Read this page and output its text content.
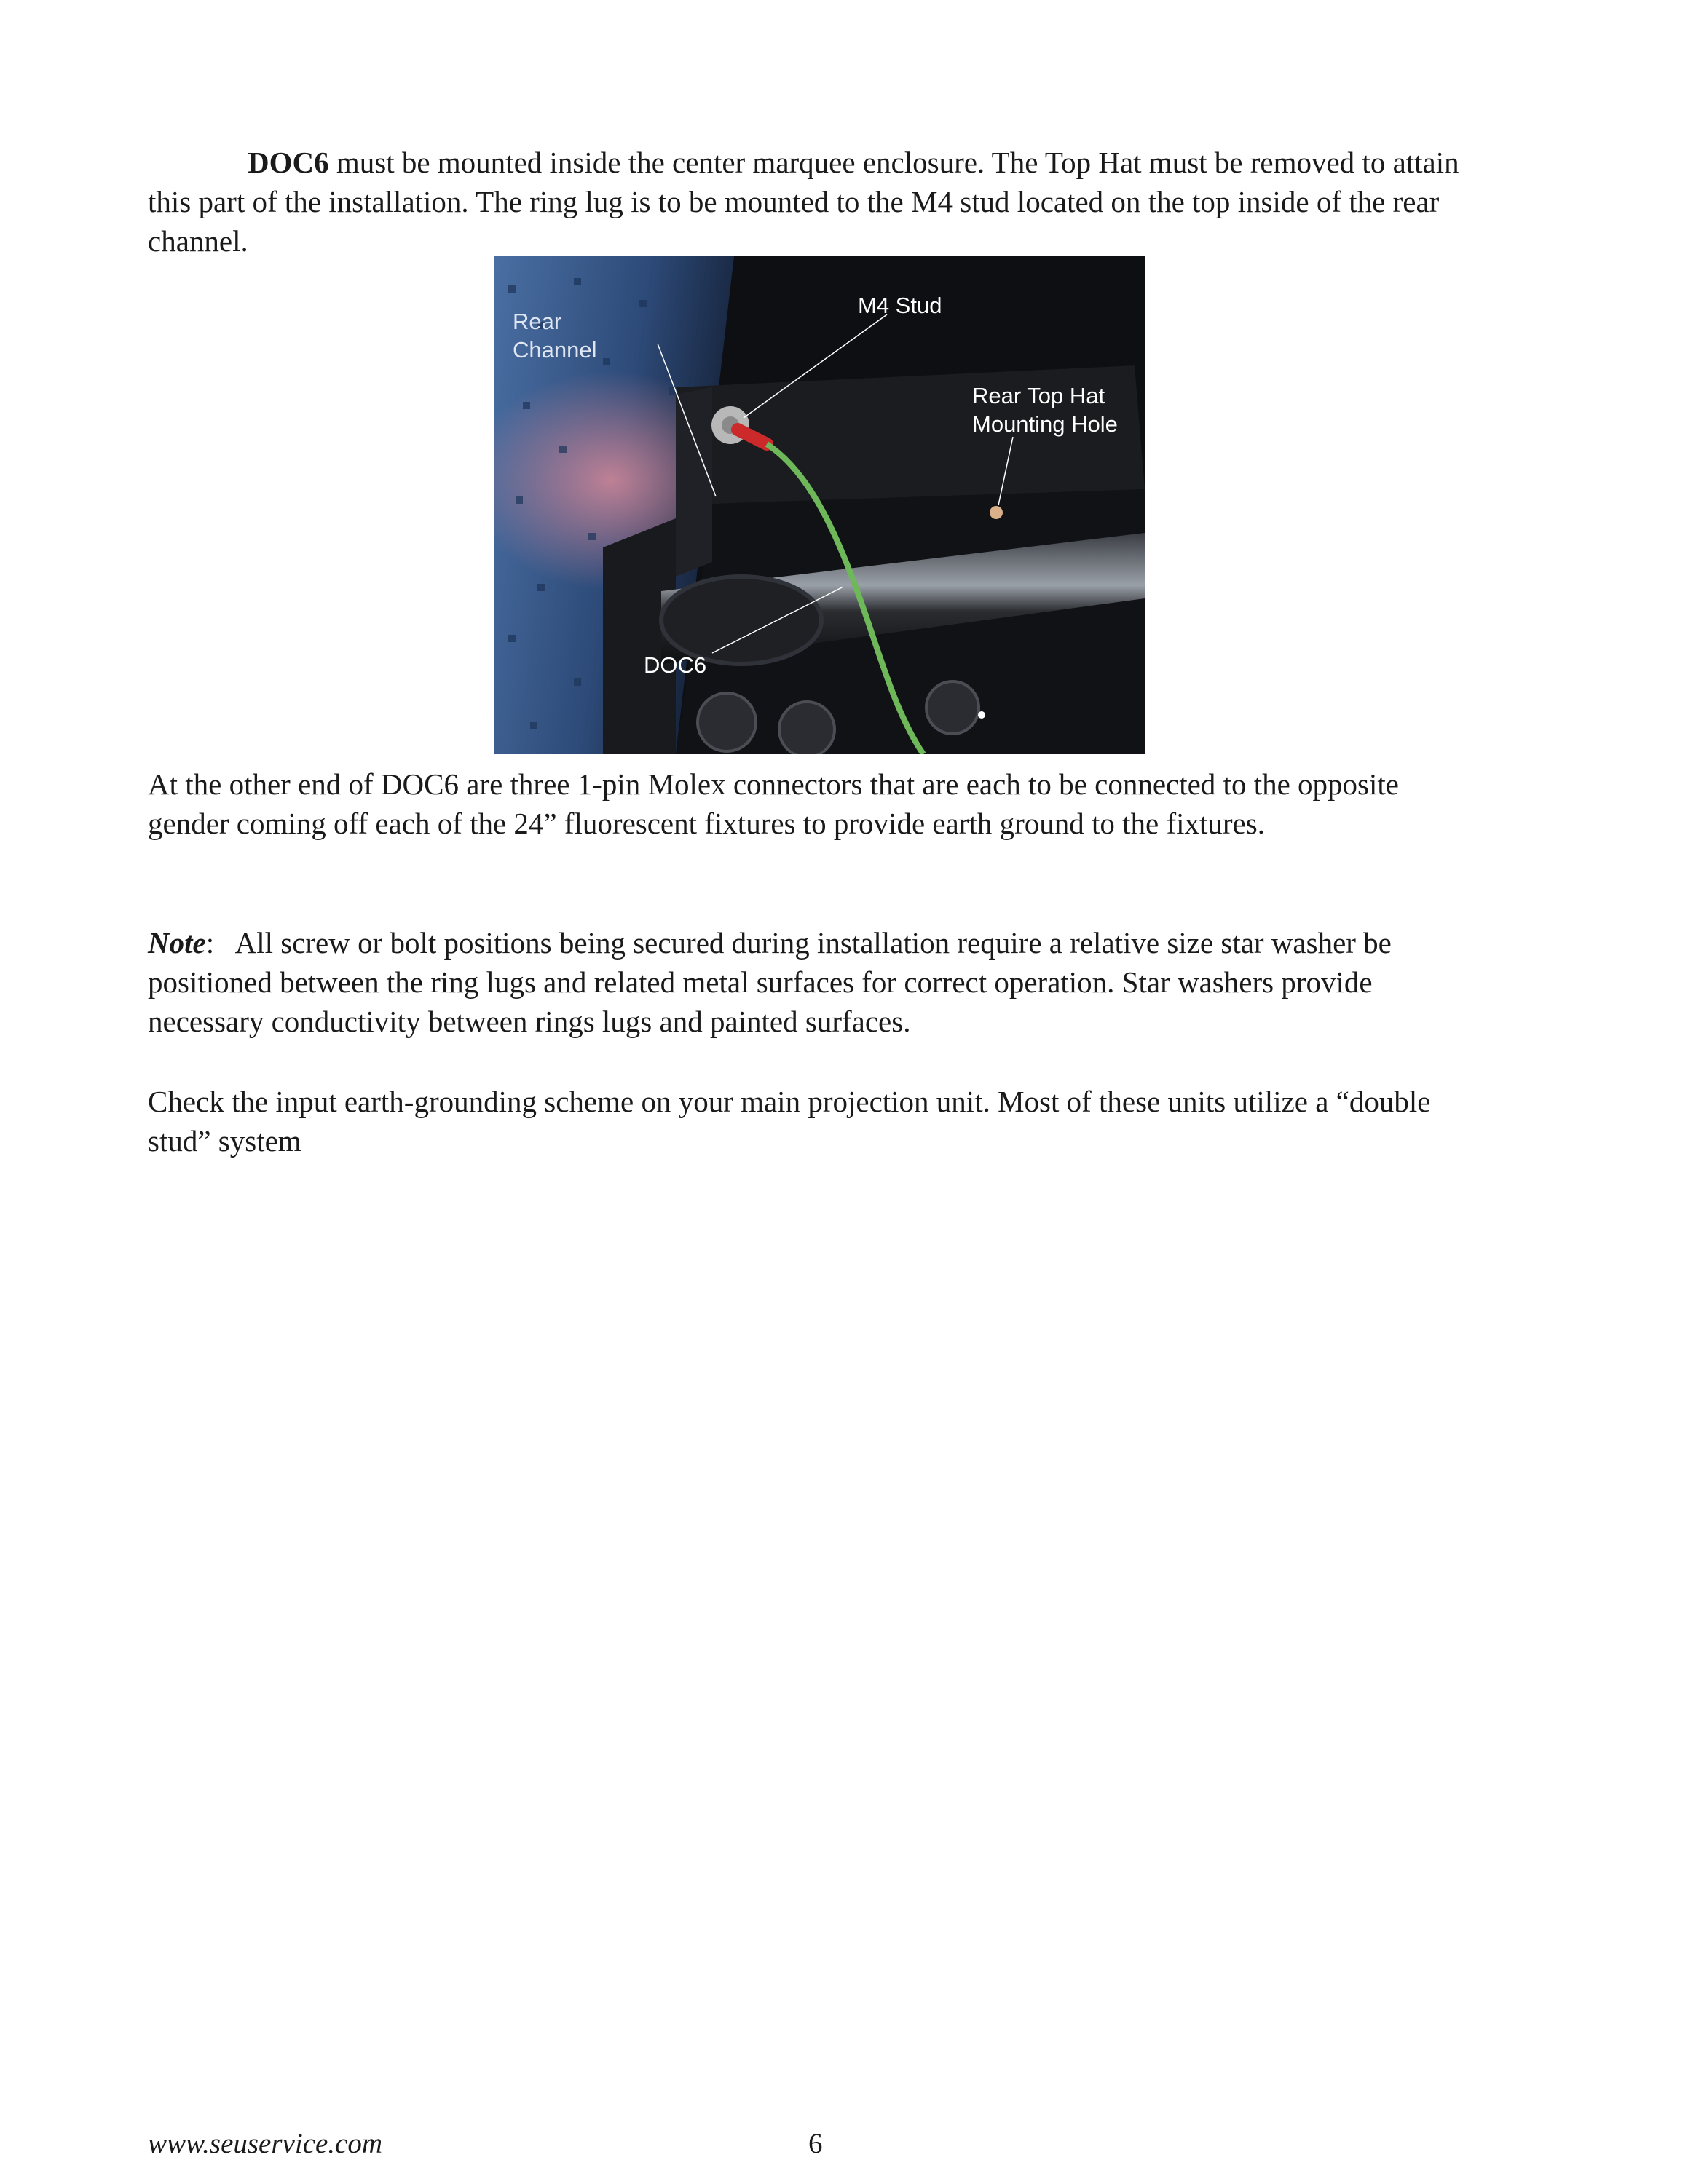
DOC6 must be mounted inside the center marquee enclosure. The Top Hat must be removed to attain this part of the installation. The ring lug is to be mounted to the M4 stud located on the top inside of the rear channel.

Rear
Channel
M4 Stud
Rear Top Hat
Mounting Hole
DOC6

At the other end of DOC6 are three 1-pin Molex connectors that are each to be connected to the opposite gender coming off each of the 24” fluorescent fixtures to provide earth ground to the fixtures.

Note:   All screw or bolt positions being secured during installation require a relative size star washer be positioned between the ring lugs and related metal surfaces for correct operation. Star washers provide necessary conductivity between rings lugs and painted surfaces.

Check the input earth-grounding scheme on your main projection unit. Most of these units utilize a “double stud” system

www.seuservice.com	6
